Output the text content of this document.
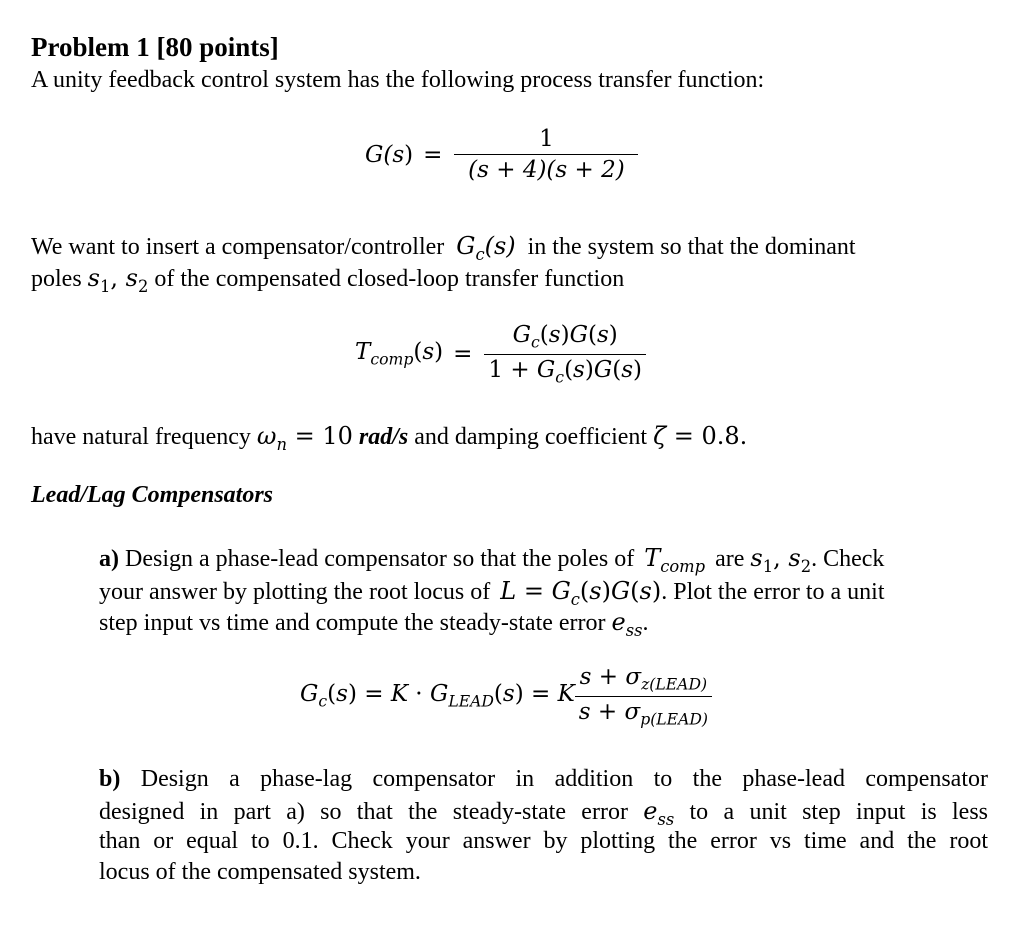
Problem 1 [80 points]
A unity feedback control system has the following process transfer function:
$G(s) = \frac{1}{(s + 4)(s + 2)}$
We want to insert a compensator/controller $G_c(s)$ in the system so that the dominant
poles $s_1$, $s_2$ of the compensated closed-loop transfer function
$T_{comp}(s) = \frac{G_c(s)G(s)}{1 + G_c(s)G(s)}$
have natural frequency $\omega_n = 10$ rad/s and damping coefficient ζ = 0.8.
Lead/Lag Compensators
a) Design a phase-lead compensator so that the poles of $T_{comp}$ are $s_1$, $s_2$. Check
your answer by plotting the root locus of $L = G_c(s)G(s)$. Plot the error to a unit
step input vs time and compute the steady-state error $e_{ss}$.
$G_c(s) = K \cdot G_{LEAD}(s) = K \frac{s + \sigma_{z(LEAD)}}{s + \sigma_{p(LEAD)}}$
b) Design a phase-lag compensator in addition to the phase-lead compensator
designed in part a) so that the steady-state error $e_{ss}$ to a unit step input is less
than or equal to 0.1. Check your answer by plotting the error vs time and the root
locus of the compensated system.
